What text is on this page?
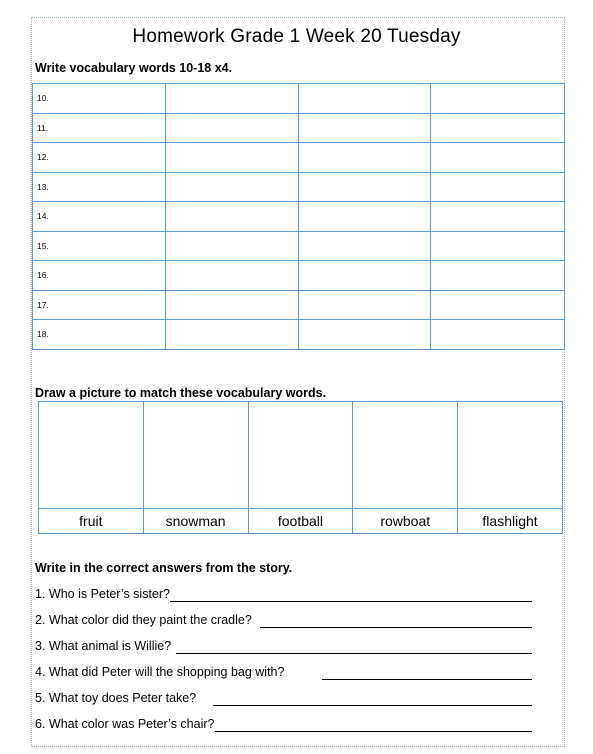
Homework Grade 1 Week 20 Tuesday
Write vocabulary words 10-18 x4.
10.			
11.			
12.			
13.			
14.			
15.			
16.			
17.			
18.			
Draw a picture to match these vocabulary words.

fruit	snowman	football	rowboat	flashlight
Write in the correct answers from the story.
1. Who is Peter’s sister?
2. What color did they paint the cradle?
3. What animal is Willie?
4. What did Peter will the shopping bag with?
5. What toy does Peter take?
6. What color was Peter’s chair?
